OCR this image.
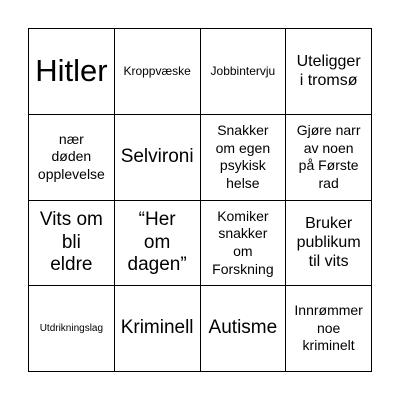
Hitler Kroppvæske Jobbintervju
Uteligger
i tromsø
nær
døden
opplevelse
Selvironi
Snakker
om egen
psykisk
helse
Gjøre narr
av noen
på Første
rad
Vits om
bli
eldre
“Her
om
dagen”
Komiker
snakker
om
Forskning
Bruker
publikum
til vits
Utdrikningslag Kriminell Autisme
Innrømmer
noe
kriminelt
